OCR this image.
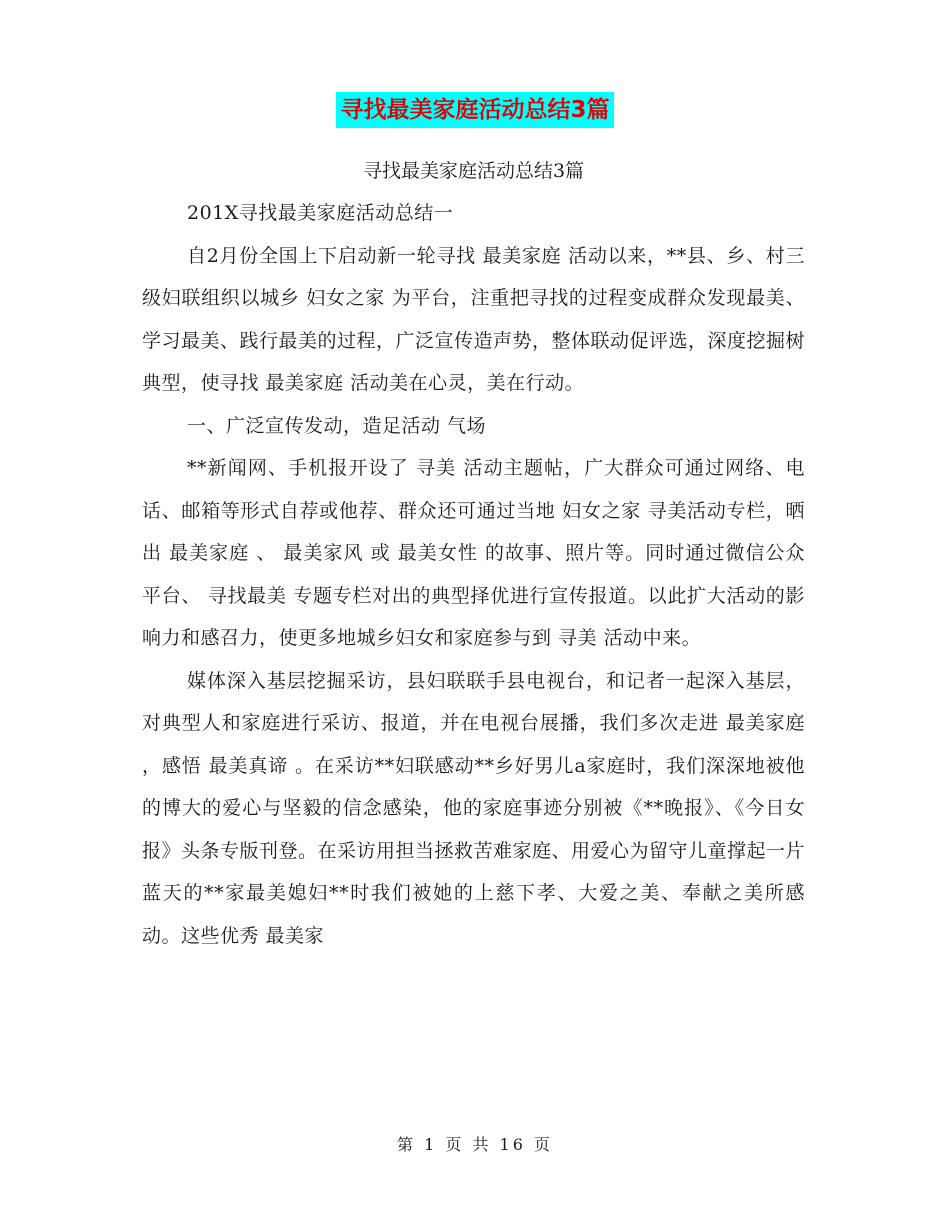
寻找最美家庭活动总结3篇
寻找最美家庭活动总结3篇

201X寻找最美家庭活动总结一

自2月份全国上下启动新一轮寻找 最美家庭 活动以来，**县、乡、村三级妇联组织以城乡 妇女之家 为平台，注重把寻找的过程变成群众发现最美、学习最美、践行最美的过程，广泛宣传造声势，整体联动促评选，深度挖掘树典型，使寻找 最美家庭 活动美在心灵，美在行动。

一、广泛宣传发动，造足活动 气场

**新闻网、手机报开设了 寻美 活动主题帖，广大群众可通过网络、电话、邮箱等形式自荐或他荐、群众还可通过当地 妇女之家 寻美活动专栏，晒出 最美家庭 、 最美家风 或 最美女性 的故事、照片等。同时通过微信公众平台、 寻找最美 专题专栏对出的典型择优进行宣传报道。以此扩大活动的影响力和感召力，使更多地城乡妇女和家庭参与到 寻美 活动中来。

媒体深入基层挖掘采访，县妇联联手县电视台，和记者一起深入基层，对典型人和家庭进行采访、报道，并在电视台展播，我们多次走进 最美家庭 ，感悟 最美真谛 。在采访**妇联感动**乡好男儿a家庭时，我们深深地被他的博大的爱心与坚毅的信念感染，他的家庭事迹分别被《**晚报》、《今日女报》头条专版刊登。在采访用担当拯救苦难家庭、用爱心为留守儿童撑起一片蓝天的**家最美媳妇**时我们被她的上慈下孝、大爱之美、奉献之美所感动。这些优秀 最美家

第 1 页 共 16 页
